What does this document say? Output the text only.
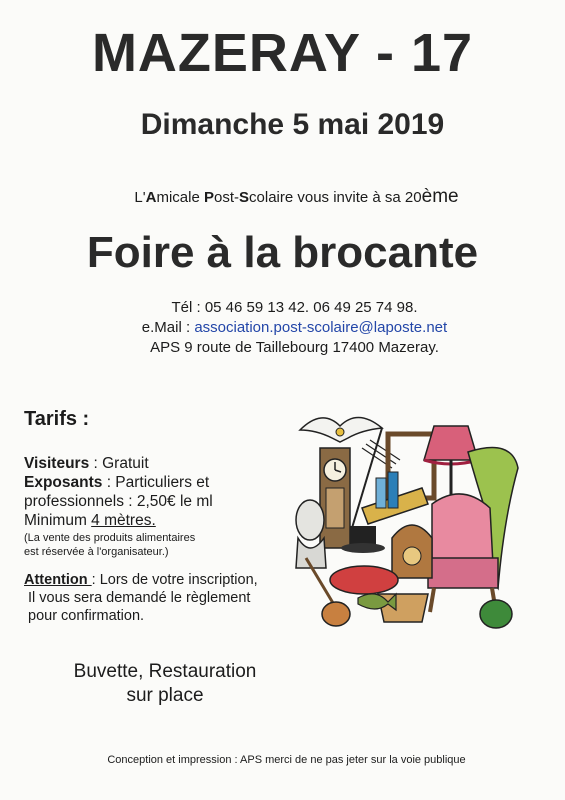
MAZERAY - 17
Dimanche 5 mai 2019
L'Amicale Post-Scolaire vous invite à sa 20ème
Foire à la brocante
Tél : 05 46 59 13 42. 06 49 25 74 98.
e.Mail : association.post-scolaire@laposte.net
APS 9 route de Taillebourg 17400 Mazeray.
Tarifs :
Visiteurs : Gratuit
Exposants : Particuliers et
professionnels : 2,50€ le ml
Minimum 4 mètres.
(La vente des produits alimentaires
est réservée à l'organisateur.)
Attention : Lors de votre inscription,
Il vous sera demandé le règlement
pour confirmation.
Buvette, Restauration
sur place
Conception et impression : APS merci de ne pas jeter sur la voie publique
